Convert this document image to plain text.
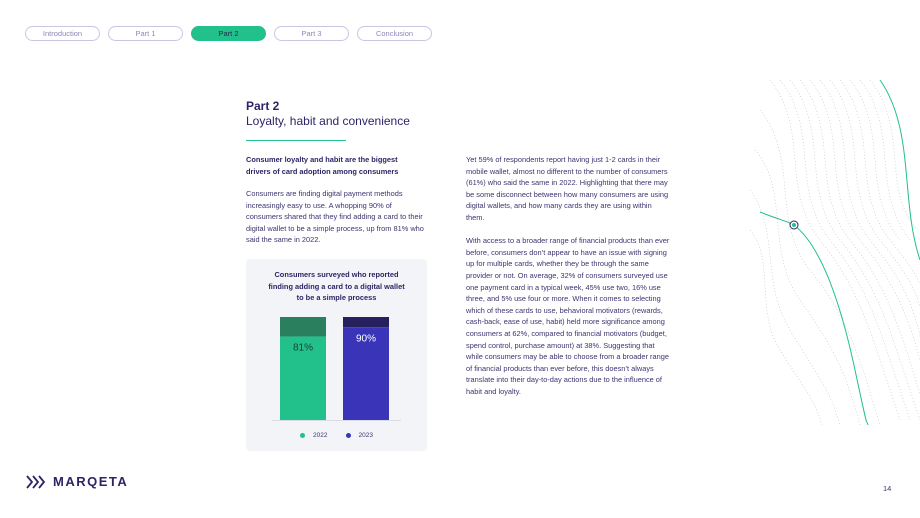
Introduction	Part 1	Part 2	Part 3	Conclusion
Part 2
Loyalty, habit and convenience
Consumer loyalty and habit are the biggest drivers of card adoption among consumers
Consumers are finding digital payment methods increasingly easy to use. A whopping 90% of consumers shared that they find adding a card to their digital wallet to be a simple process, up from 81% who said the same in 2022.
Consumers surveyed who reported finding adding a card to a digital wallet to be a simple process
81%
90%
2022	2023

Yet 59% of respondents report having just 1-2 cards in their mobile wallet, almost no different to the number of consumers (61%) who said the same in 2022. Highlighting that there may be some disconnect between how many consumers are using digital wallets, and how many cards they are using within them.

With access to a broader range of financial products than ever before, consumers don’t appear to have an issue with signing up for multiple cards, whether they be through the same provider or not. On average, 32% of consumers surveyed use one payment card in a typical week, 45% use two, 16% use three, and 5% use four or more. When it comes to selecting which of these cards to use, behavioral motivators (rewards, cash-back, ease of use, habit) held more significance among consumers at 62%, compared to financial motivators (budget, spend control, purchase amount) at 38%. Suggesting that while consumers may be able to choose from a broader range of financial products than ever before, this doesn’t always translate into their day-to-day actions due to the influence of habit and loyalty.

MARQETA	14
